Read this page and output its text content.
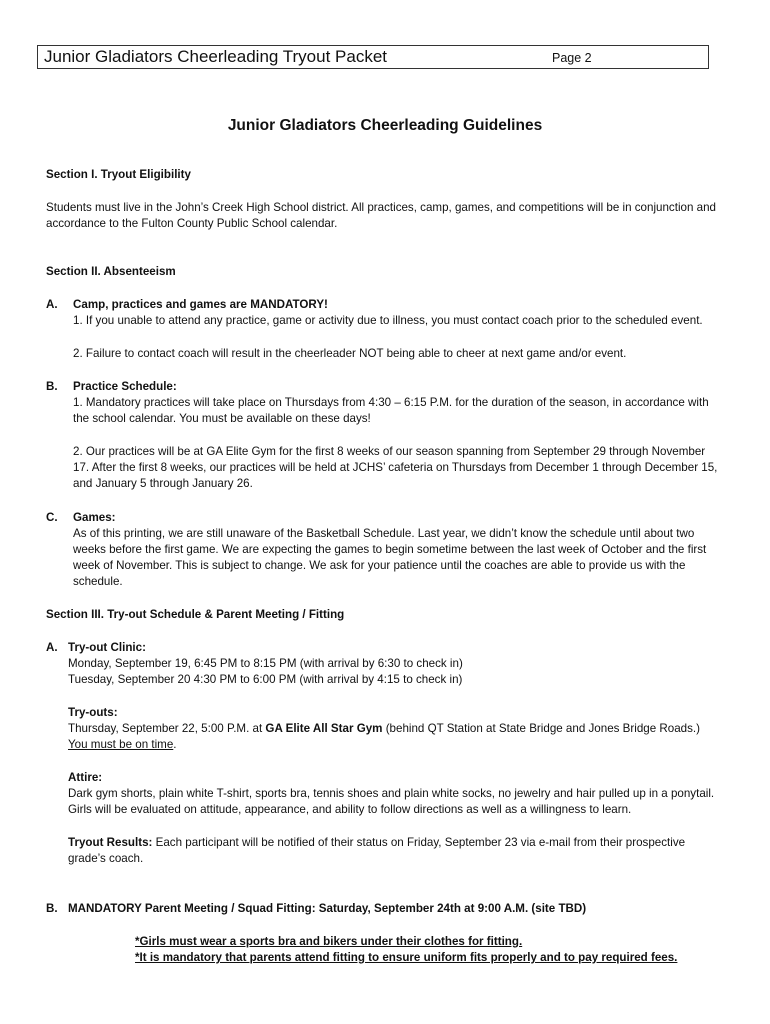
Junior Gladiators Cheerleading Tryout Packet	Page 2
Junior Gladiators Cheerleading Guidelines
Section I. Tryout Eligibility

Students must live in the John’s Creek High School district. All practices, camp, games, and competitions will be in conjunction and accordance to the Fulton County Public School calendar.

Section II. Absenteeism
A. Camp, practices and games are MANDATORY!

1. If you unable to attend any practice, game or activity due to illness, you must contact coach prior to the scheduled event.

2. Failure to contact coach will result in the cheerleader NOT being able to cheer at next game and/or event.

B. Practice Schedule:

1. Mandatory practices will take place on Thursdays from 4:30 – 6:15 P.M. for the duration of the season, in accordance with the school calendar. You must be available on these days!

2. Our practices will be at GA Elite Gym for the first 8 weeks of our season spanning from September 29 through November 17. After the first 8 weeks, our practices will be held at JCHS’ cafeteria on Thursdays from December 1 through December 15, and January 5 through January 26.

C. Games:

As of this printing, we are still unaware of the Basketball Schedule. Last year, we didn’t know the schedule until about two weeks before the first game. We are expecting the games to begin sometime between the last week of October and the first week of November. This is subject to change. We ask for your patience until the coaches are able to provide us with the schedule.

Section III. Try-out Schedule & Parent Meeting / Fitting
A. Try-out Clinic:
Monday, September 19, 6:45 PM to 8:15 PM (with arrival by 6:30 to check in)
Tuesday, September 20 4:30 PM to 6:00 PM (with arrival by 4:15 to check in)
Try-outs:
Thursday, September 22, 5:00 P.M. at GA Elite All Star Gym (behind QT Station at State Bridge and Jones Bridge Roads.)
You must be on time.
Attire:
Dark gym shorts, plain white T-shirt, sports bra, tennis shoes and plain white socks, no jewelry and hair pulled up in a ponytail.
Girls will be evaluated on attitude, appearance, and ability to follow directions as well as a willingness to learn.

Tryout Results: Each participant will be notified of their status on Friday, September 23 via e-mail from their prospective grade’s coach.

B. MANDATORY Parent Meeting / Squad Fitting: Saturday, September 24th at 9:00 A.M. (site TBD)
*Girls must wear a sports bra and bikers under their clothes for fitting.
*It is mandatory that parents attend fitting to ensure uniform fits properly and to pay required fees.
